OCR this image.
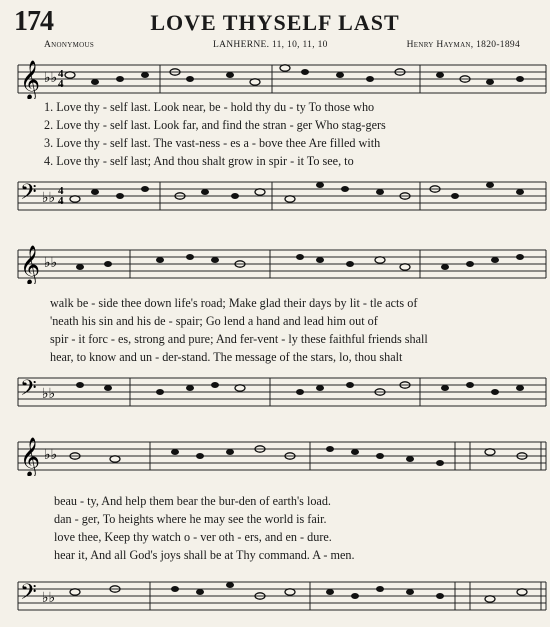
174	LOVE THYSELF LAST
Anonymous	LANHERNE. 11, 10, 11, 10	Henry Hayman, 1820-1894
𝄞 ♭♭ 4
4
1. Love thy - self last. Look near, be - hold thy du - ty To those who
2. Love thy - self last. Look far, and find the stran - ger Who stag-gers
3. Love thy - self last. The vast-ness - es a - bove thee Are filled with
4. Love thy - self last; And thou shalt grow in spir - it To see, to
𝄢 ♭♭ 4
4
𝄞 ♭♭
walk be - side thee down life's road; Make glad their days by lit - tle acts of
'neath his sin and his de - spair; Go lend a hand and lead him out of
spir - it forc - es, strong and pure; And fer-vent - ly these faithful friends shall
hear, to know and un - der-stand. The message of the stars, lo, thou shalt
𝄢 ♭♭
𝄞 ♭♭
beau - ty, And help them bear the bur-den of earth's load.
dan - ger, To heights where he may see the world is fair.
love thee, Keep thy watch o - ver oth - ers, and en - dure.
hear it, And all God's joys shall be at Thy command. A - men.
𝄢 ♭♭
